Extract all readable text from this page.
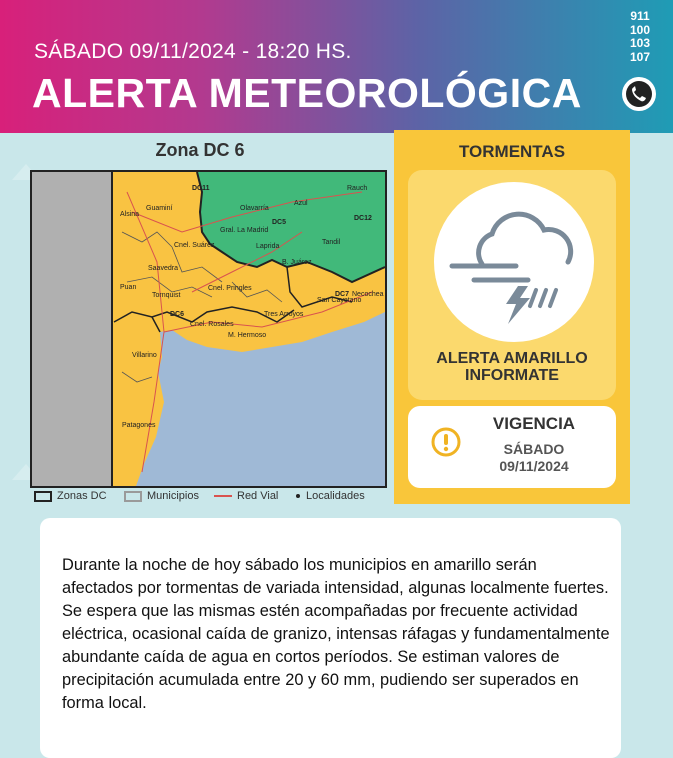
SÁBADO 09/11/2024 - 18:20 HS.
ALERTA METEOROLÓGICA
911
100
103
107
Zona DC 6
DC11
Alsina
Guaminí	Olavarría
Azul
Rauch
DC5
DC12
Gral. La Madrid
Laprida
Tandil
Cnel. Suárez
B. Juárez
Saavedra
Puan
Tornquist
Cnel. Pringles
San Cayetano
DC7 Necochea
DC6
Cnel. Rosales
Tres Arroyos
M. Hermoso
Villarino
Patagones
Zonas DC	Municipios	Red Vial	Localidades
TORMENTAS
ALERTA AMARILLO
INFORMATE
VIGENCIA
SÁBADO
09/11/2024

Durante la noche de hoy sábado los municipios en amarillo serán afectados por tormentas de variada intensidad, algunas localmente fuertes. Se espera que las mismas estén acompañadas por frecuente actividad eléctrica, ocasional caída de granizo, intensas ráfagas y fundamentalmente abundante caída de agua en cortos períodos. Se estiman valores de precipitación acumulada entre 20 y 60 mm, pudiendo ser superados en forma local.
